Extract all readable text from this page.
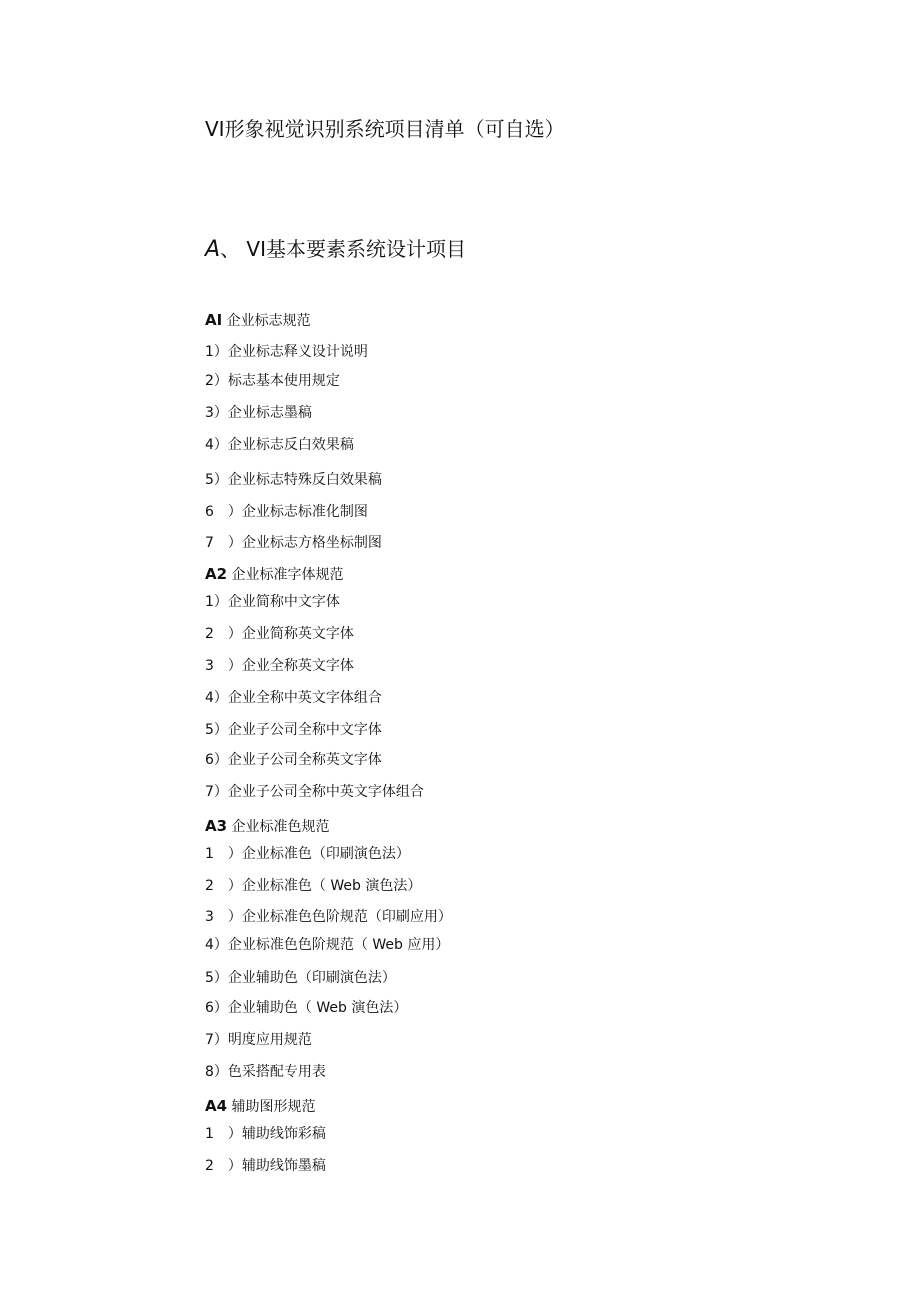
VI形象视觉识别系统项目清单（可自选）
A、 VI基本要素系统设计项目
AI 企业标志规范
1）企业标志释义设计说明
2）标志基本使用规定
3）企业标志墨稿
4）企业标志反白效果稿
5）企业标志特殊反白效果稿
6　）企业标志标准化制图
7　）企业标志方格坐标制图
A2 企业标准字体规范
1）企业简称中文字体
2　）企业简称英文字体
3　）企业全称英文字体
4）企业全称中英文字体组合
5）企业子公司全称中文字体
6）企业子公司全称英文字体
7）企业子公司全称中英文字体组合
A3 企业标准色规范
1　）企业标准色（印刷演色法）
2　）企业标准色（ Web 演色法）
3　）企业标准色色阶规范（印刷应用）
4）企业标准色色阶规范（ Web 应用）
5）企业辅助色（印刷演色法）
6）企业辅助色（ Web 演色法）
7）明度应用规范
8）色采搭配专用表
A4 辅助图形规范
1　）辅助线饰彩稿
2　）辅助线饰墨稿
